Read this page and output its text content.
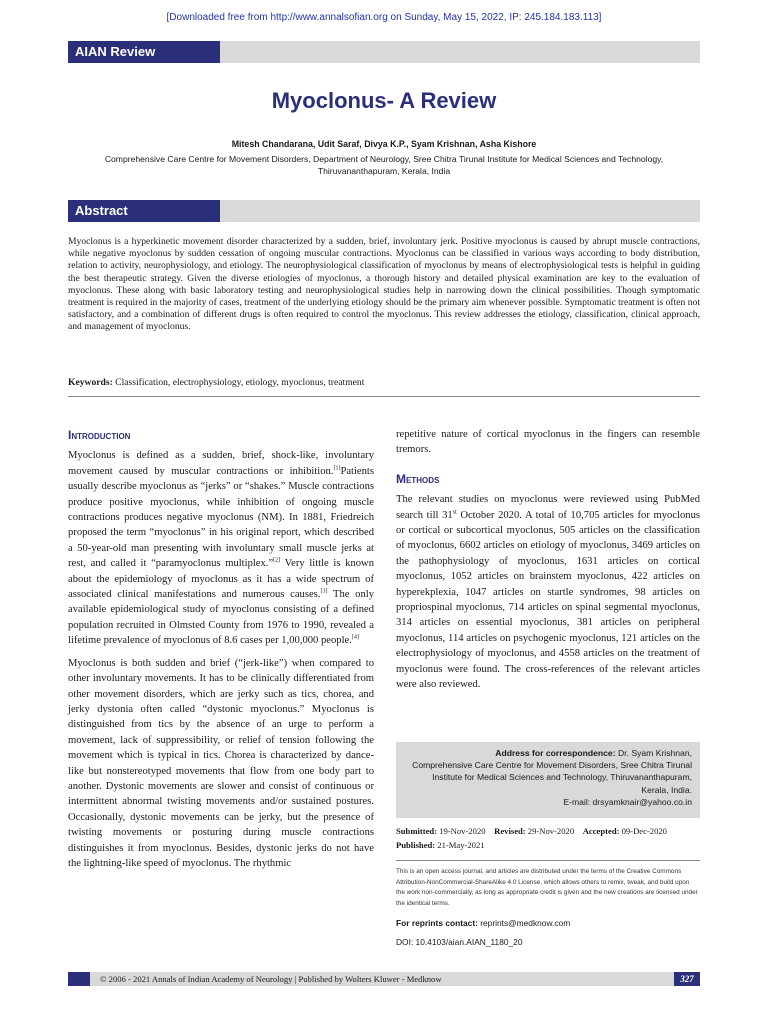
[Downloaded free from http://www.annalsofian.org on Sunday, May 15, 2022, IP: 245.184.183.113]
AIAN Review
Myoclonus- A Review
Mitesh Chandarana, Udit Saraf, Divya K.P., Syam Krishnan, Asha Kishore
Comprehensive Care Centre for Movement Disorders, Department of Neurology, Sree Chitra Tirunal Institute for Medical Sciences and Technology, Thiruvananthapuram, Kerala, India
Abstract

Myoclonus is a hyperkinetic movement disorder characterized by a sudden, brief, involuntary jerk. Positive myoclonus is caused by abrupt muscle contractions, while negative myoclonus by sudden cessation of ongoing muscular contractions. Myoclonus can be classified in various ways according to body distribution, relation to activity, neurophysiology, and etiology. The neurophysiological classification of myoclonus by means of electrophysiological tests is helpful in guiding the best therapeutic strategy. Given the diverse etiologies of myoclonus, a thorough history and detailed physical examination are key to the evaluation of myoclonus. These along with basic laboratory testing and neurophysiological studies help in narrowing down the clinical possibilities. Though symptomatic treatment is required in the majority of cases, treatment of the underlying etiology should be the primary aim whenever possible. Symptomatic treatment is often not satisfactory, and a combination of different drugs is often required to control the myoclonus. This review addresses the etiology, classification, clinical approach, and management of myoclonus.

Keywords: Classification, electrophysiology, etiology, myoclonus, treatment

Introduction

Myoclonus is defined as a sudden, brief, shock-like, involuntary movement caused by muscular contractions or inhibition.[1]Patients usually describe myoclonus as “jerks” or “shakes.” Muscle contractions produce positive myoclonus, while inhibition of ongoing muscle contractions produces negative myoclonus (NM). In 1881, Friedreich proposed the term “myoclonus” in his original report, which described a 50-year-old man presenting with involuntary small muscle jerks at rest, and called it “paramyoclonus multiplex.”[2] Very little is known about the epidemiology of myoclonus as it has a wide spectrum of associated clinical manifestations and numerous causes.[3] The only available epidemiological study of myoclonus consisting of a defined population recruited in Olmsted County from 1976 to 1990, revealed a lifetime prevalence of myoclonus of 8.6 cases per 1,00,000 people.[4]

Myoclonus is both sudden and brief (“jerk-like”) when compared to other involuntary movements. It has to be clinically differentiated from other movement disorders, which are jerky such as tics, chorea, and jerky dystonia often called “dystonic myoclonus.” Myoclonus is distinguished from tics by the absence of an urge to perform a movement, lack of suppressibility, or relief of tension following the movement which is typical in tics. Chorea is characterized by dance-like but nonstereotyped movements that flow from one body part to another. Dystonic movements are slower and consist of continuous or intermittent abnormal twisting movements and/or sustained postures. Occasionally, dystonic movements can be jerky, but the presence of twisting movements or posturing during muscle contractions distinguishes it from myoclonus. Besides, dystonic jerks do not have the lightning-like speed of myoclonus. The rhythmic

repetitive nature of cortical myoclonus in the fingers can resemble tremors.

Methods

The relevant studies on myoclonus were reviewed using PubMed search till 31st October 2020. A total of 10,705 articles for myoclonus or cortical or subcortical myoclonus, 505 articles on the classification of myoclonus, 6602 articles on etiology of myoclonus, 3469 articles on the pathophysiology of myoclonus, 1631 articles on cortical myoclonus, 1052 articles on brainstem myoclonus, 422 articles on hyperekplexia, 1047 articles on startle syndromes, 98 articles on propriospinal myoclonus, 714 articles on spinal segmental myoclonus, 314 articles on essential myoclonus, 381 articles on peripheral myoclonus, 114 articles on psychogenic myoclonus, 121 articles on the electrophysiology of myoclonus, and 4558 articles on the treatment of myoclonus were found. The cross-references of the relevant articles were also reviewed.

Address for correspondence: Dr. Syam Krishnan,
Comprehensive Care Centre for Movement Disorders, Sree Chitra Tirunal
Institute for Medical Sciences and Technology, Thiruvananthapuram,
Kerala, India.
E-mail: drsyamknair@yahoo.co.in
Submitted: 19-Nov-2020 Revised: 29-Nov-2020 Accepted: 09-Dec-2020
Published: 21-May-2021

This is an open access journal, and articles are distributed under the terms of the Creative Commons Attribution-NonCommercial-ShareAlike 4.0 License, which allows others to remix, tweak, and build upon the work non-commercially, as long as appropriate credit is given and the new creations are licensed under the identical terms.

For reprints contact: reprints@medknow.com

DOI: 10.4103/aian.AIAN_1180_20

© 2006 - 2021 Annals of Indian Academy of Neurology | Published by Wolters Kluwer - Medknow	327
